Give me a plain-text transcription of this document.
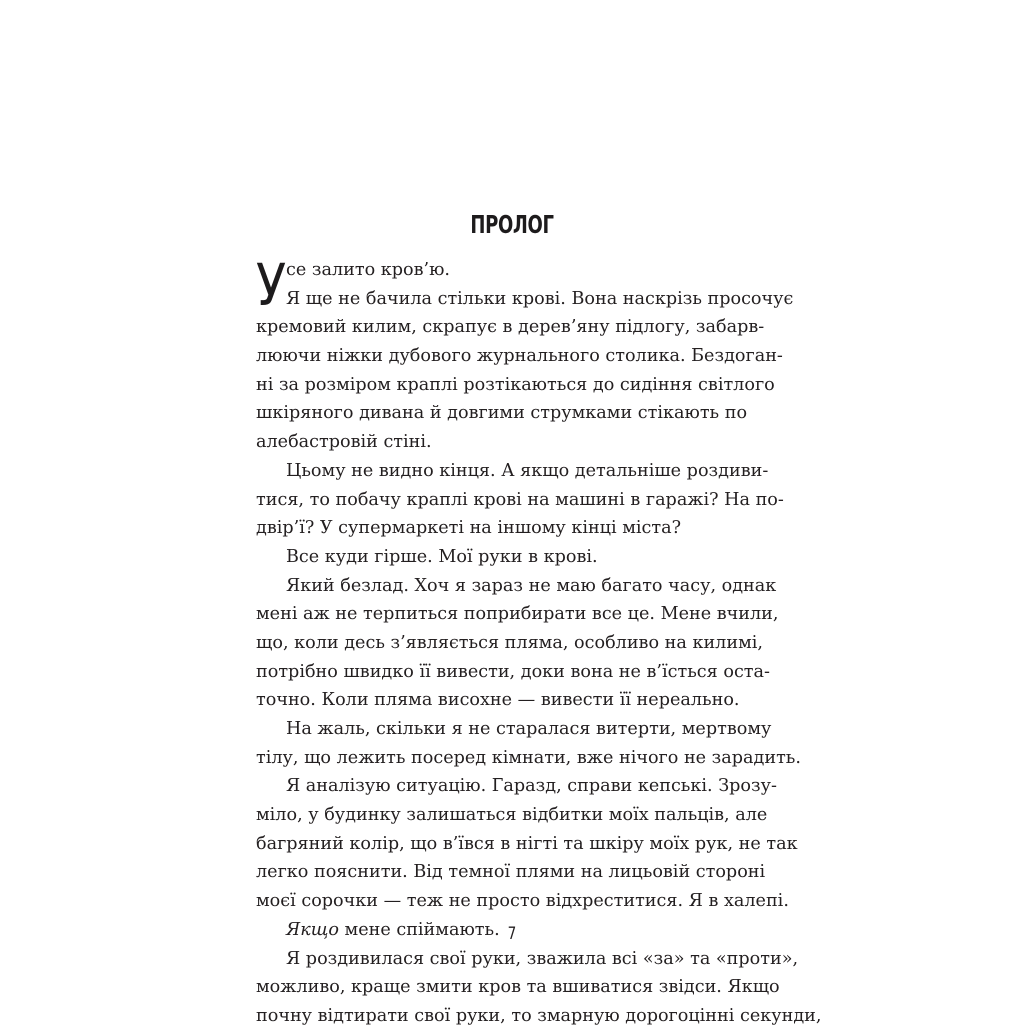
ПРОЛОГ
У се залито кров’ю.
Я ще не бачила стільки крові. Вона наскрізь просочує
кремовий килим, скрапує в дерев’яну підлогу, забарв-
люючи ніжки дубового журнального столика. Бездоган-
ні за розміром краплі розтікаються до сидіння світлого
шкіряного дивана й довгими струмками стікають по
алебастровій стіні.
Цьому не видно кінця. А якщо детальніше роздиви-
тися, то побачу краплі крові на машині в гаражі? На по-
двір’ї? У супермаркеті на іншому кінці міста?
Все куди гірше. Мої руки в крові.
Який безлад. Хоч я зараз не маю багато часу, однак
мені аж не терпиться поприбирати все це. Мене вчили,
що, коли десь з’являється пляма, особливо на килимі,
потрібно швидко її вивести, доки вона не в’їсться оста-
точно. Коли пляма висохне — вивести її нереально.
На жаль, скільки я не старалася витерти, мертвому
тілу, що лежить посеред кімнати, вже нічого не зарадить.
Я аналізую ситуацію. Гаразд, справи кепські. Зрозу-
міло, у будинку залишаться відбитки моїх пальців, але
багряний колір, що в’ївся в нігті та шкіру моїх рук, не так
легко пояснити. Від темної плями на лицьовій стороні
моєї сорочки — теж не просто відхреститися. Я в халепі.
Якщо мене спіймають.
Я роздивилася свої руки, зважила всі «за» та «проти»,
можливо, краще змити кров та вшиватися звідси. Якщо
почну відтирати свої руки, то змарную дорогоцінні секунди,
7
